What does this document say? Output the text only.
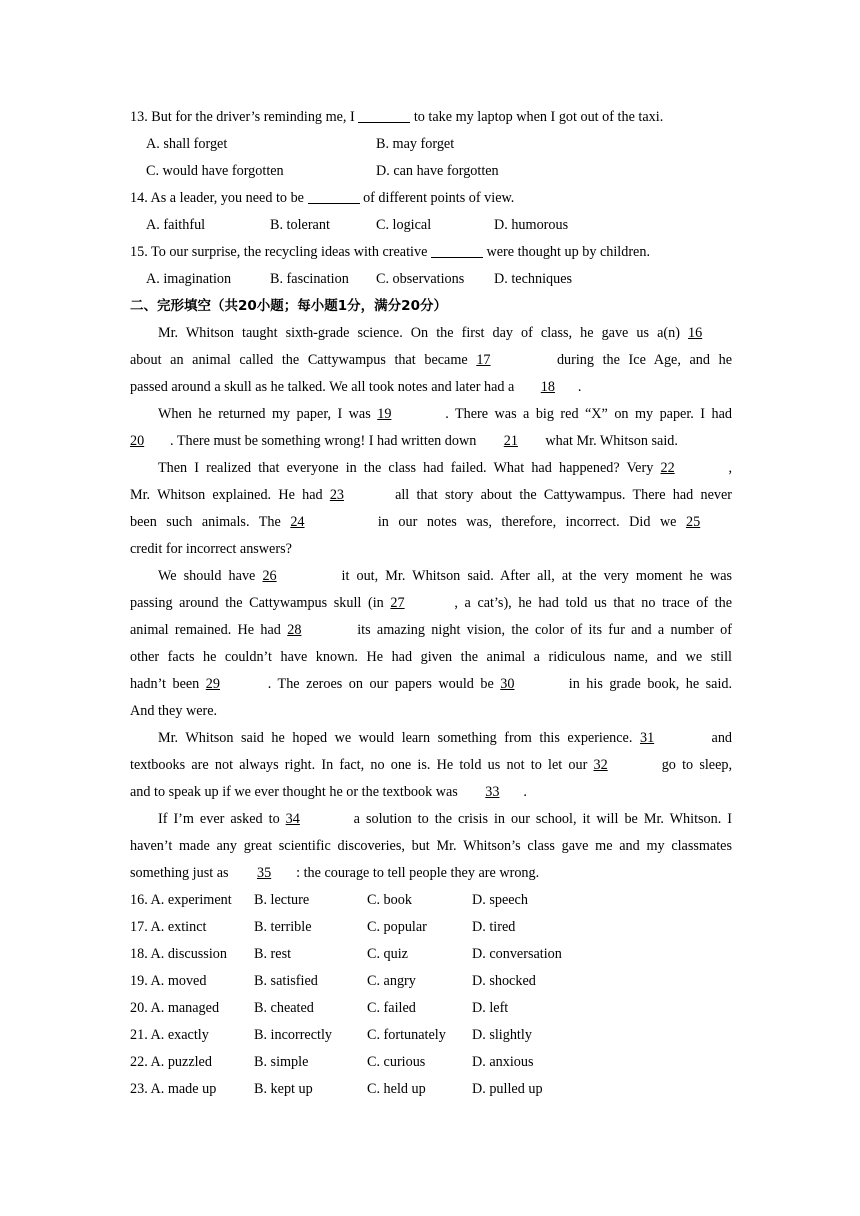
13. But for the driver’s reminding me, I	to take my laptop when I got out of the taxi.
A. shall forget	B. may forget
C. would have forgotten	D. can have forgotten
14. As a leader, you need to be	of different points of view.
A. faithful	B. tolerant	C. logical	D. humorous
15. To our surprise, the recycling ideas with creative	were thought up by children.
A. imagination	B. fascination C. observations D. techniques
二、完形填空（共20小题；每小题1分，满分20分）
Mr. Whitson taught sixth-grade science. On the first day of class, he gave us a(n) 16
about an animal called the Cattywampus that became 17	during the Ice Age, and he
passed around a skull as he talked. We all took notes and later had a 18 .
When he returned my paper, I was 19	. There was a big red “X” on my paper. I had
20 . There must be something wrong! I had written down 21 what Mr. Whitson said.
Then I realized that everyone in the class had failed. What had happened? Very 22	,
Mr. Whitson explained. He had 23	all that story about the Cattywampus. There had never
been such animals. The 24	in our notes was, therefore, incorrect. Did we 25
credit for incorrect answers?
We should have 26	it out, Mr. Whitson said. After all, at the very moment he was
passing around the Cattywampus skull (in 27	, a cat’s), he had told us that no trace of the
animal remained. He had 28	its amazing night vision, the color of its fur and a number of
other facts he couldn’t have known. He had given the animal a ridiculous name, and we still
hadn’t been 29	. The zeroes on our papers would be 30	in his grade book, he said.
And they were.
Mr. Whitson said he hoped we would learn something from this experience. 31	and
textbooks are not always right. In fact, no one is. He told us not to let our 32	go to sleep,
and to speak up if we ever thought he or the textbook was 33 .
If I’m ever asked to 34	a solution to the crisis in our school, it will be Mr. Whitson. I
haven’t made any great scientific discoveries, but Mr. Whitson’s class gave me and my classmates
something just as 35 : the courage to tell people they are wrong.
16. A. experiment B. lecture	C. book	D. speech
17. A. extinct	B. terrible	C. popular	D. tired
18. A. discussion B. rest	C. quiz	D. conversation
19. A. moved	B. satisfied	C. angry	D. shocked
20. A. managed B. cheated	C. failed	D. left
21. A. exactly	B. incorrectly C. fortunately D. slightly
22. A. puzzled	B. simple	C. curious	D. anxious
23. A. made up	B. kept up	C. held up	D. pulled up
